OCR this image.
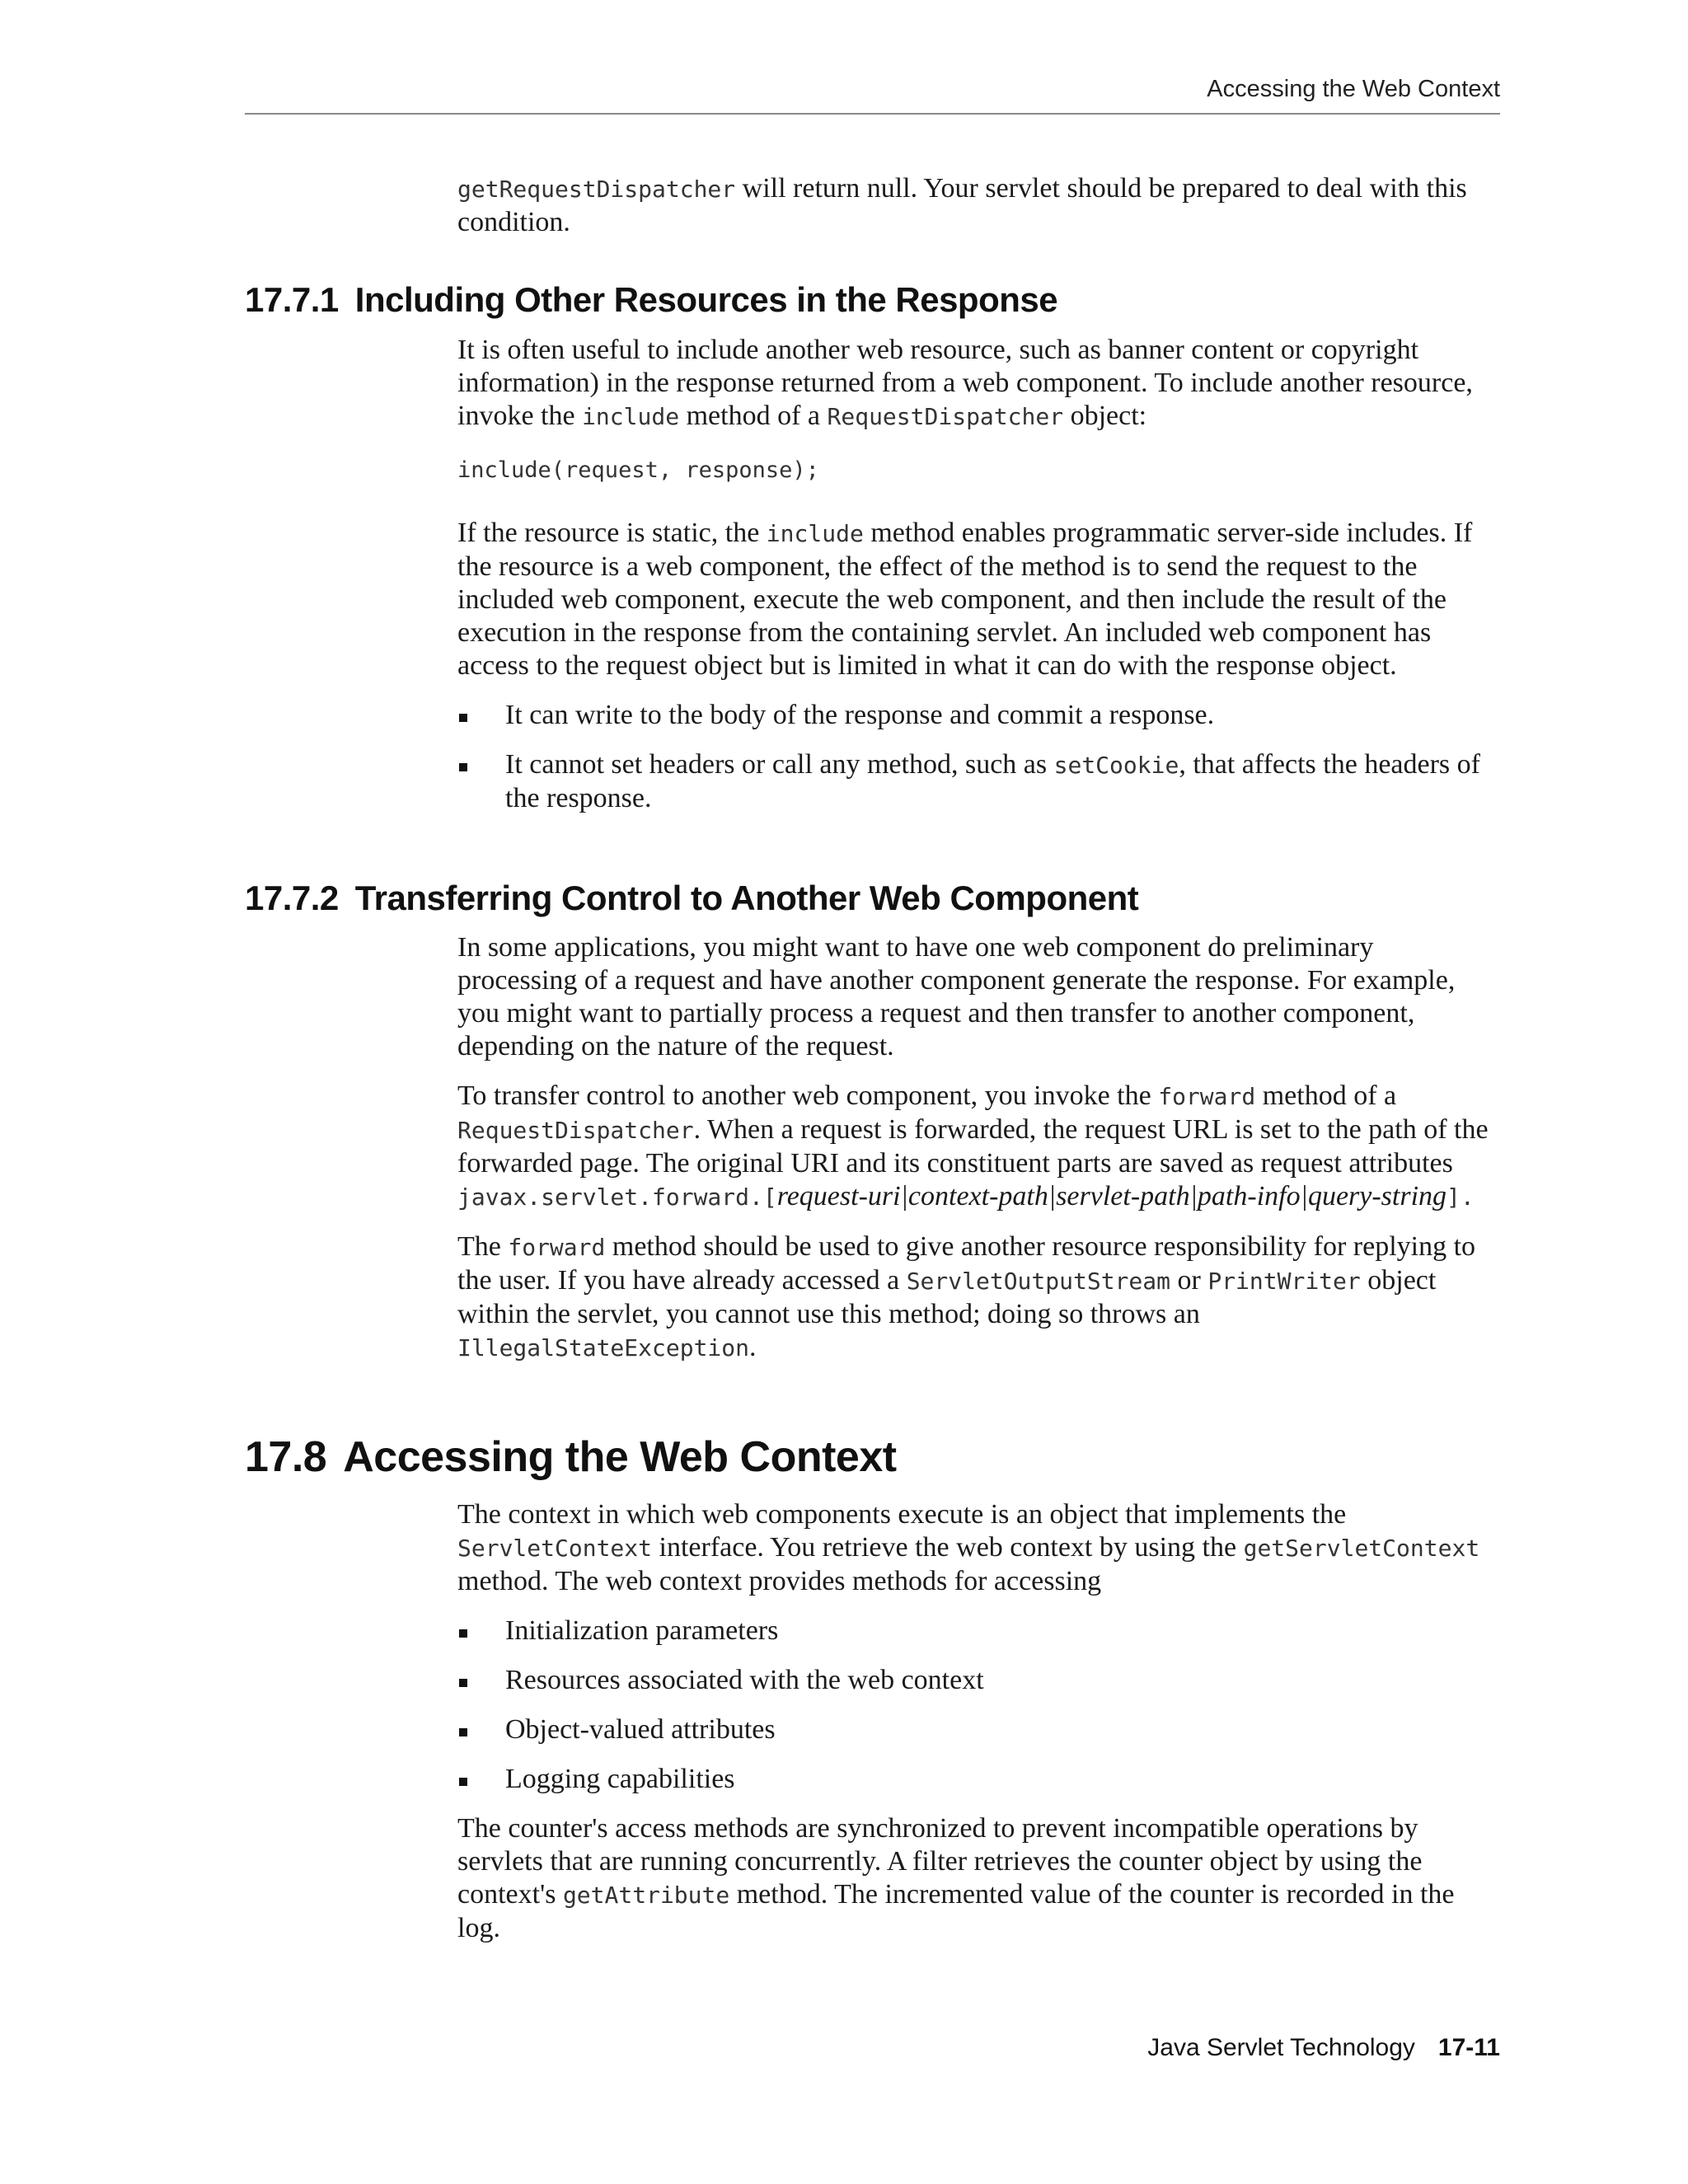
Accessing the Web Context

getRequestDispatcher will return null. Your servlet should be prepared to deal with this condition.

17.7.1 Including Other Resources in the Response

It is often useful to include another web resource, such as banner content or copyright information) in the response returned from a web component. To include another resource, invoke the include method of a RequestDispatcher object:

include(request, response);

If the resource is static, the include method enables programmatic server-side includes. If the resource is a web component, the effect of the method is to send the request to the included web component, execute the web component, and then include the result of the execution in the response from the containing servlet. An included web component has access to the request object but is limited in what it can do with the response object.

It can write to the body of the response and commit a response.
It cannot set headers or call any method, such as setCookie, that affects the headers of the response.
17.7.2 Transferring Control to Another Web Component

In some applications, you might want to have one web component do preliminary processing of a request and have another component generate the response. For example, you might want to partially process a request and then transfer to another component, depending on the nature of the request.

To transfer control to another web component, you invoke the forward method of a RequestDispatcher. When a request is forwarded, the request URL is set to the path of the forwarded page. The original URI and its constituent parts are saved as request attributes
javax.servlet.forward.[request-uri|context-path|servlet-path|path-info|query-string].

The forward method should be used to give another resource responsibility for replying to the user. If you have already accessed a ServletOutputStream or PrintWriter object within the servlet, you cannot use this method; doing so throws an IllegalStateException.

17.8 Accessing the Web Context

The context in which web components execute is an object that implements the ServletContext interface. You retrieve the web context by using the getServletContext method. The web context provides methods for accessing

Initialization parameters
Resources associated with the web context
Object-valued attributes
Logging capabilities

The counter's access methods are synchronized to prevent incompatible operations by servlets that are running concurrently. A filter retrieves the counter object by using the context's getAttribute method. The incremented value of the counter is recorded in the log.

Java Servlet Technology 17-11
